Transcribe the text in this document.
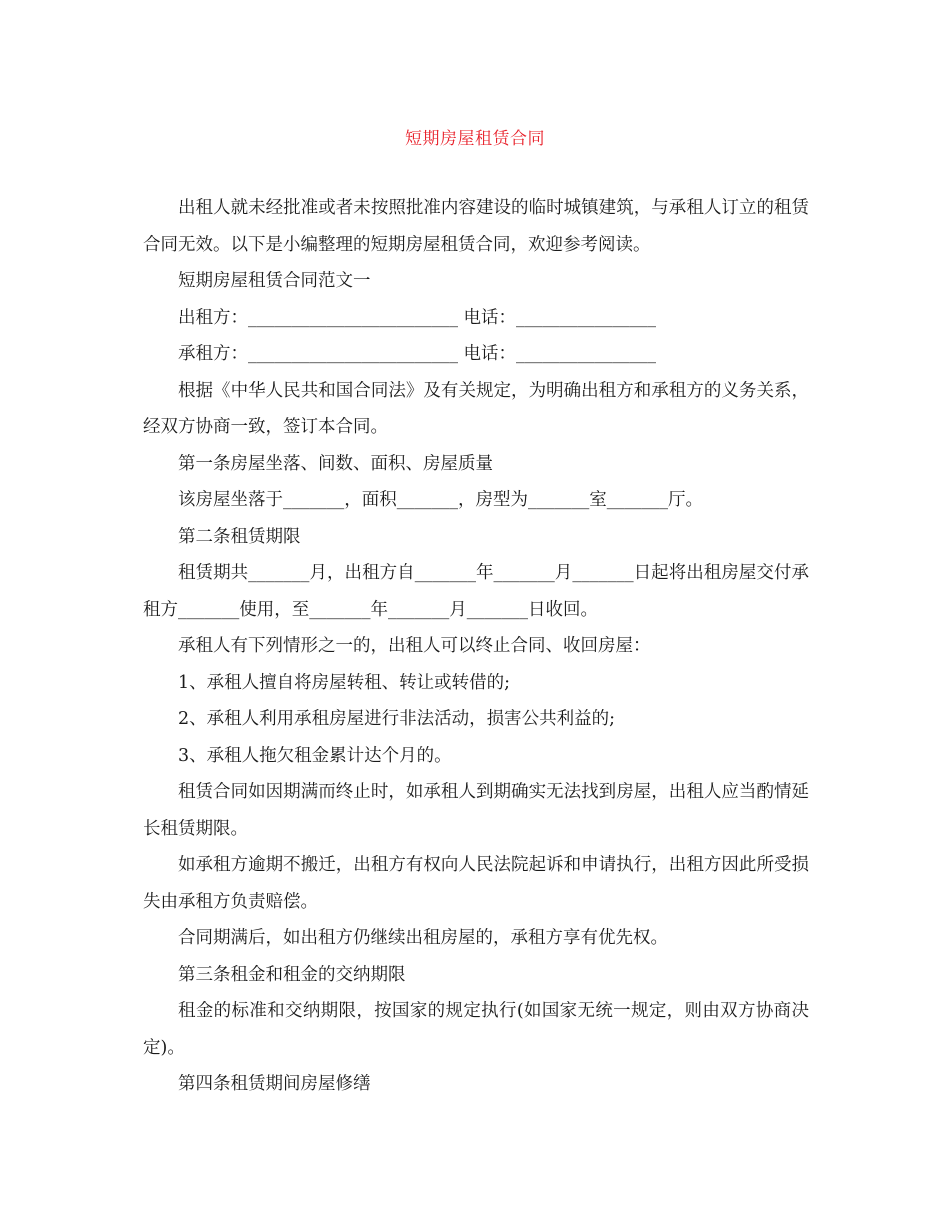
短期房屋租赁合同

出租人就未经批准或者未按照批准内容建设的临时城镇建筑，与承租人订立的租赁合同无效。以下是小编整理的短期房屋租赁合同，欢迎参考阅读。

短期房屋租赁合同范文一

出租方：________________________ 电话：________________

承租方：________________________ 电话：________________

根据《中华人民共和国合同法》及有关规定，为明确出租方和承租方的义务关系，经双方协商一致，签订本合同。

第一条房屋坐落、间数、面积、房屋质量

该房屋坐落于_______，面积_______，房型为_______室_______厅。

第二条租赁期限

租赁期共_______月，出租方自_______年_______月_______日起将出租房屋交付承租方_______使用，至_______年_______月_______日收回。

承租人有下列情形之一的，出租人可以终止合同、收回房屋：

1、承租人擅自将房屋转租、转让或转借的;

2、承租人利用承租房屋进行非法活动，损害公共利益的;

3、承租人拖欠租金累计达个月的。

租赁合同如因期满而终止时，如承租人到期确实无法找到房屋，出租人应当酌情延长租赁期限。

如承租方逾期不搬迁，出租方有权向人民法院起诉和申请执行，出租方因此所受损失由承租方负责赔偿。

合同期满后，如出租方仍继续出租房屋的，承租方享有优先权。

第三条租金和租金的交纳期限

租金的标准和交纳期限，按国家的规定执行(如国家无统一规定，则由双方协商决定)。

第四条租赁期间房屋修缮
